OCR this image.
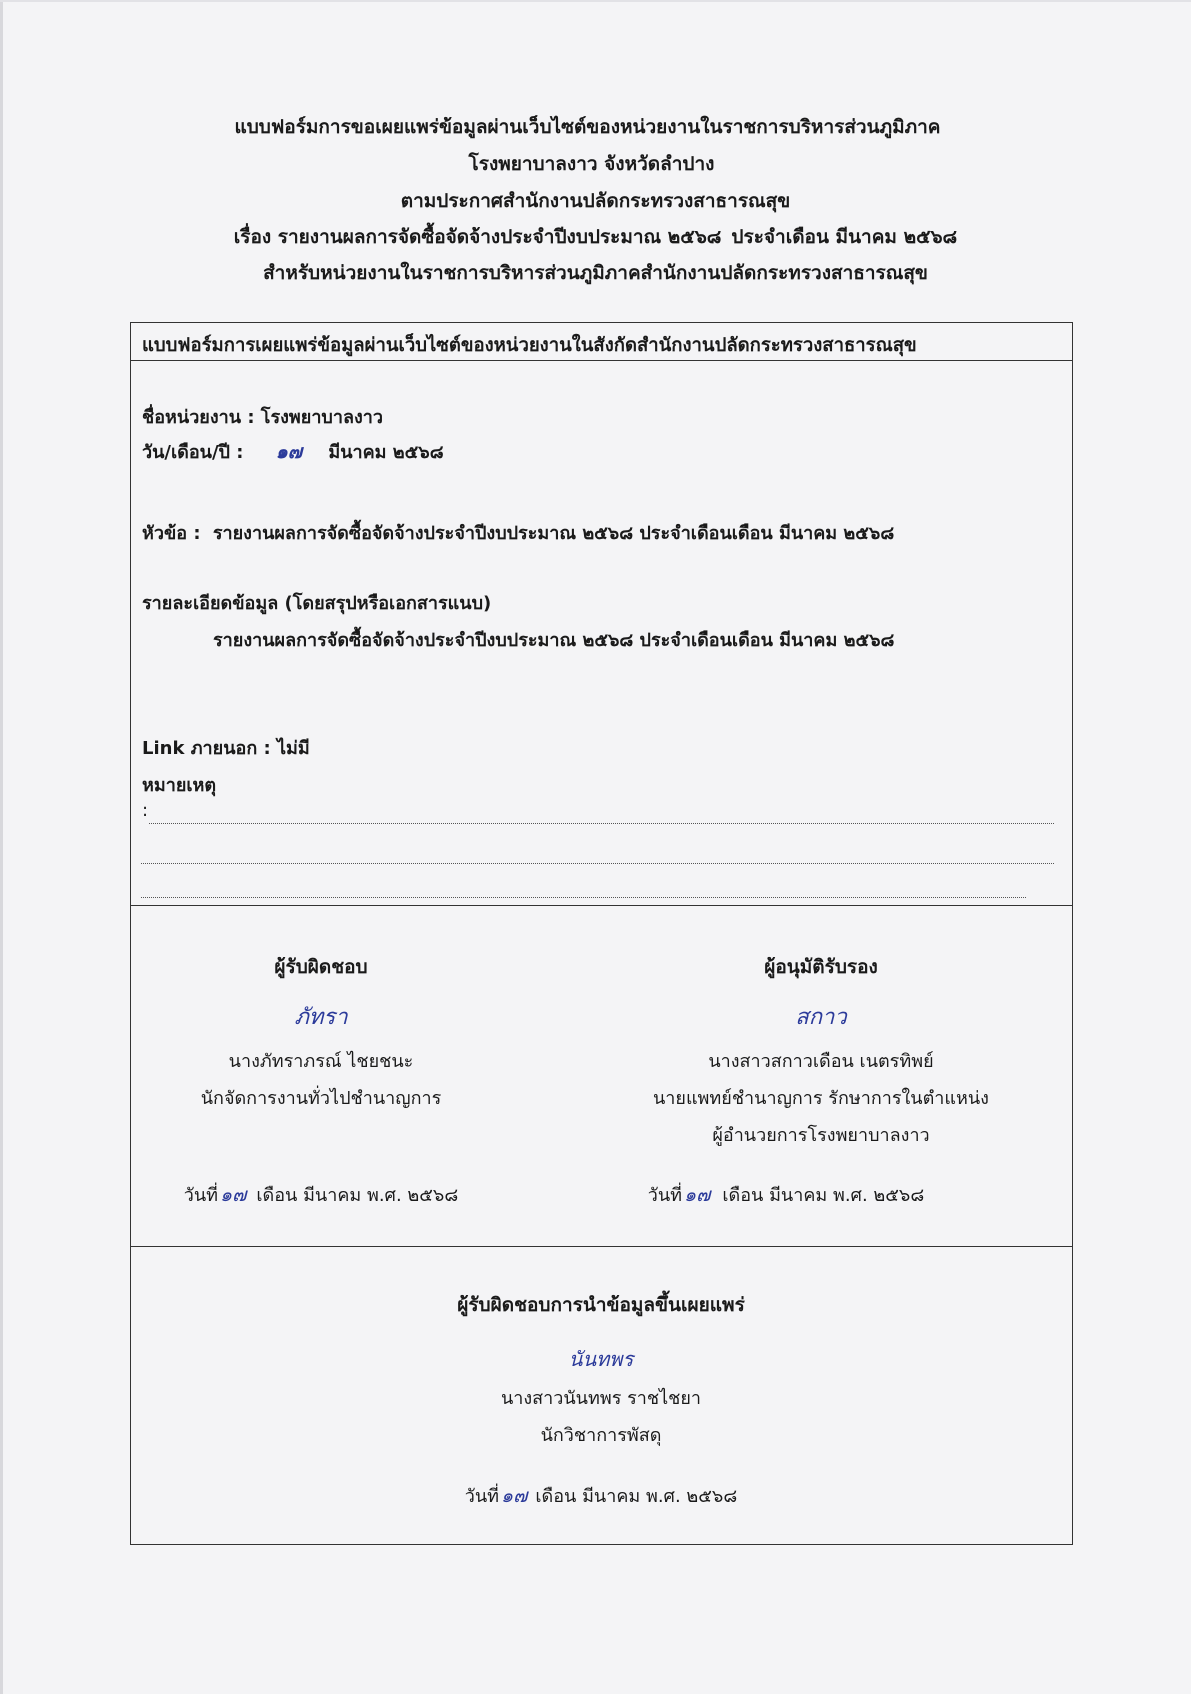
แบบฟอร์มการขอเผยแพร่ข้อมูลผ่านเว็บไซต์ของหน่วยงานในราชการบริหารส่วนภูมิภาค
โรงพยาบาลงาว จังหวัดลำปาง
ตามประกาศสำนักงานปลัดกระทรวงสาธารณสุข
เรื่อง รายงานผลการจัดซื้อจัดจ้างประจำปีงบประมาณ ๒๕๖๘ ประจำเดือน มีนาคม ๒๕๖๘
สำหรับหน่วยงานในราชการบริหารส่วนภูมิภาคสำนักงานปลัดกระทรวงสาธารณสุข
แบบฟอร์มการเผยแพร่ข้อมูลผ่านเว็บไซต์ของหน่วยงานในสังกัดสำนักงานปลัดกระทรวงสาธารณสุข
ชื่อหน่วยงาน : โรงพยาบาลงาว
วัน/เดือน/ปี : ๑๗ มีนาคม ๒๕๖๘
หัวข้อ : รายงานผลการจัดซื้อจัดจ้างประจำปีงบประมาณ ๒๕๖๘ ประจำเดือนเดือน มีนาคม ๒๕๖๘
รายละเอียดข้อมูล (โดยสรุปหรือเอกสารแนบ)
รายงานผลการจัดซื้อจัดจ้างประจำปีงบประมาณ ๒๕๖๘ ประจำเดือนเดือน มีนาคม ๒๕๖๘
Link ภายนอก : ไม่มี
หมายเหตุ
:
ผู้รับผิดชอบ
ภัทรา
นางภัทราภรณ์ ไชยชนะ
นักจัดการงานทั่วไปชำนาญการ
วันที่ ๑๗ เดือน มีนาคม พ.ศ. ๒๕๖๘
ผู้อนุมัติรับรอง
สกาว
นางสาวสกาวเดือน เนตรทิพย์
นายแพทย์ชำนาญการ รักษาการในตำแหน่ง
ผู้อำนวยการโรงพยาบาลงาว
วันที่ ๑๗ เดือน มีนาคม พ.ศ. ๒๕๖๘
ผู้รับผิดชอบการนำข้อมูลขึ้นเผยแพร่
นันทพร
นางสาวนันทพร ราชไชยา
นักวิชาการพัสดุ
วันที่ ๑๗ เดือน มีนาคม พ.ศ. ๒๕๖๘
